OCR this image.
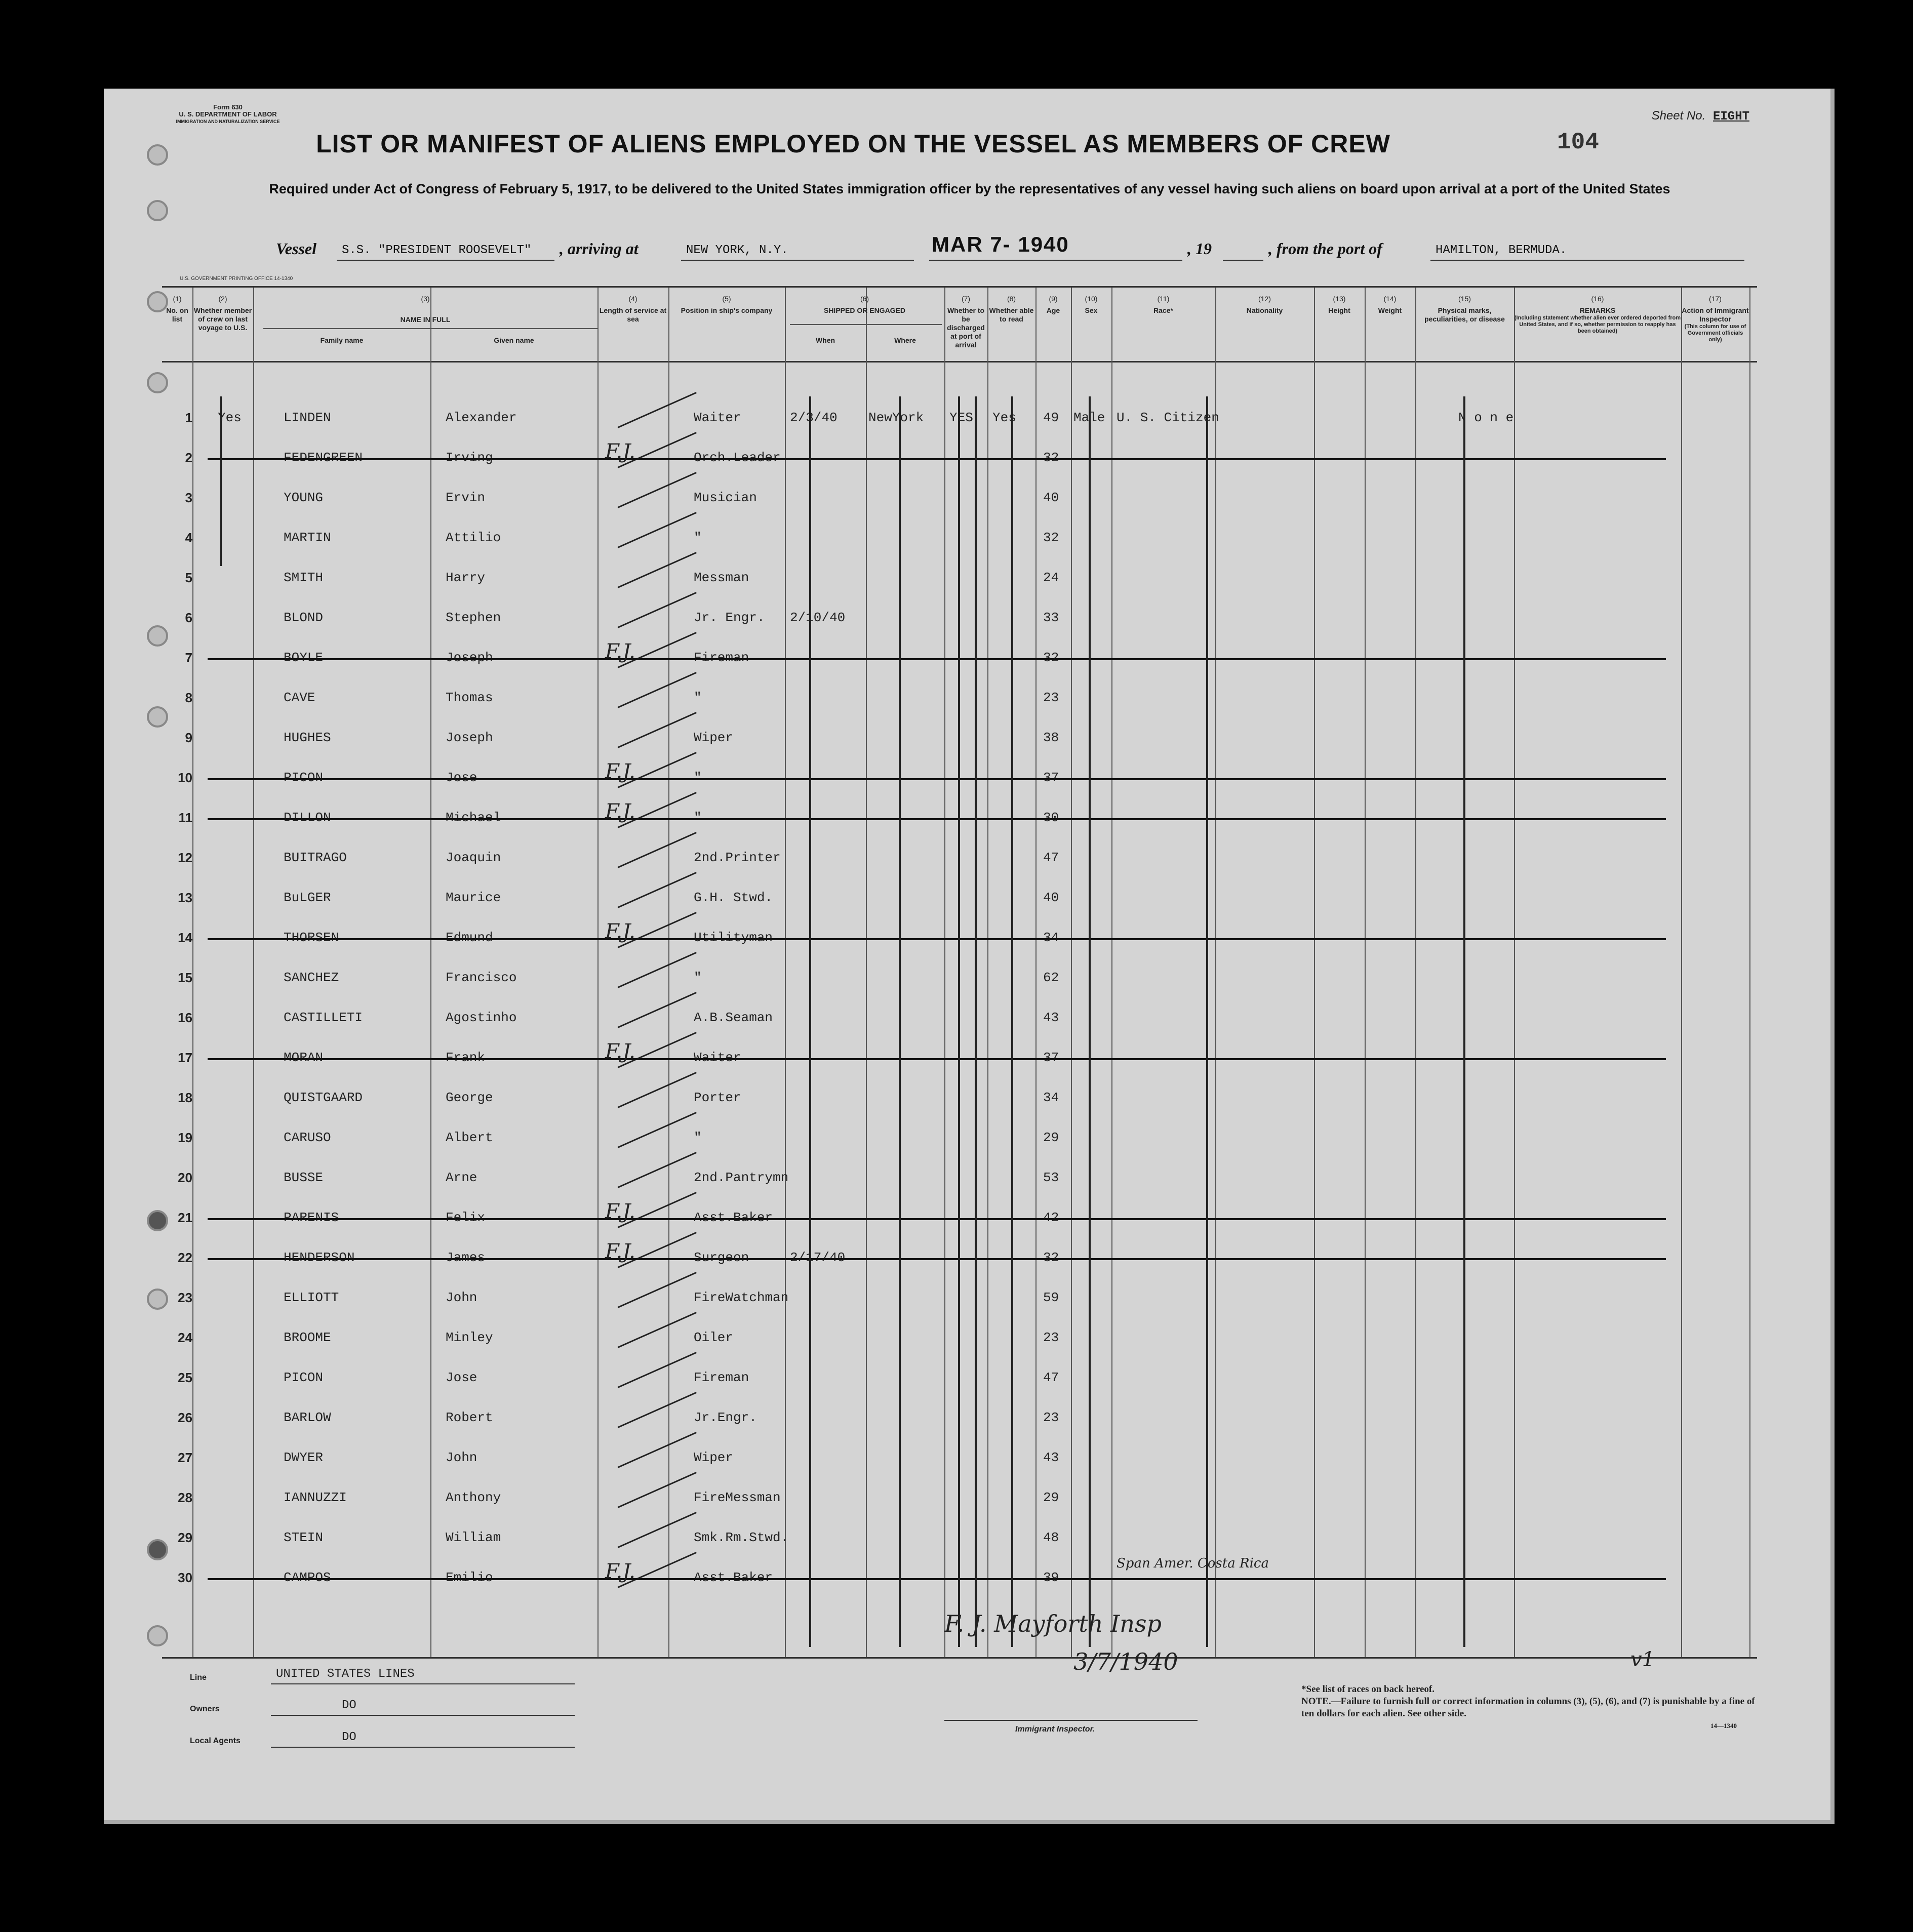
Form 630
U. S. DEPARTMENT OF LABOR
IMMIGRATION AND NATURALIZATION SERVICE	Sheet No. EIGHT
LIST OR MANIFEST OF ALIENS EMPLOYED ON THE VESSEL AS MEMBERS OF CREW	104
Required under Act of Congress of February 5, 1917, to be delivered to the United States immigration officer by the representatives of any vessel having such aliens on board upon arrival at a port of the United States
Vessel S.S. "PRESIDENT ROOSEVELT" , arriving at	NEW YORK, N.Y.	MAR 7- 1940	, 19	, from the port of	HAMILTON, BERMUDA.
U.S. GOVERNMENT PRINTING OFFICE 14-1340
(1)
No. on list
(2)
Whether member of crew on last voyage to U.S.
(3)
NAME IN FULL
Family name	Given name
(4)
Length of service at sea
(5)
Position in ship's company
(6)
SHIPPED OR ENGAGED
When	Where
(7)
Whether to be discharged at port of arrival
(8)
Whether able to read
(9)
Age
(10)
Sex
(11)
Race*
(12)
Nationality
(13)
Height
(14)
Weight
(15)
Physical marks, peculiarities, or disease
(16)
REMARKS
(Including statement whether alien ever ordered deported from United States, and if so, whether permission to reapply has been obtained)
(17)
Action of Immigrant Inspector
(This column for use of Government officials only)
1 Yes	LINDEN	Alexander	Waiter	2/3/40 NewYork YES Yes 49 Male U. S. Citizen	N o n e
2	FEDENGREEN	Irving	Orch.Leader	32
F.J.
3	YOUNG	Ervin	Musician	40
4	MARTIN	Attilio	"	32
5	SMITH	Harry	Messman	24
6	BLOND	Stephen	Jr. Engr. 2/10/40	33
7	BOYLE	Joseph	Fireman	32
F.J.
8	CAVE	Thomas	"	23
9	HUGHES	Joseph	Wiper	38
10	PICON	Jose	"	37
F.J.
11	DILLON	Michael	"	30
F.J.
12	BUITRAGO	Joaquin	2nd.Printer	47
13	BuLGER	Maurice	G.H. Stwd.	40
14	THORSEN	Edmund	Utilityman	34
F.J.
15	SANCHEZ	Francisco	"	62
16	CASTILLETI	Agostinho	A.B.Seaman	43
17	MORAN	Frank	Waiter	37
F.J.
18	QUISTGAARD	George	Porter	34
19	CARUSO	Albert	"	29
20	BUSSE	Arne	2nd.Pantrymn	53
21	PARENIS	Felix	Asst.Baker	42
F.J.
22	HENDERSON	James	Surgeon	2/17/40	32
F.J.
23	ELLIOTT	John	FireWatchman	59
24	BROOME	Minley	Oiler	23
25	PICON	Jose	Fireman	47
26	BARLOW	Robert	Jr.Engr.	23
27	DWYER	John	Wiper	43
28	IANNUZZI	Anthony	FireMessman	29
29	STEIN	William	Smk.Rm.Stwd.	48
30	CAMPOS	Emilio	Asst.Baker	39
Span Amer. Costa Rica
F.J.
F. J. Mayforth Insp
3/7/1940	v1
Line	UNITED STATES LINES
Owners	DO
Local Agents	DO
Immigrant Inspector.
*See list of races on back hereof.
NOTE.—Failure to furnish full or correct information in columns (3), (5), (6), and (7) is punishable by a fine of ten dollars for each alien. See other side.
14—1340
